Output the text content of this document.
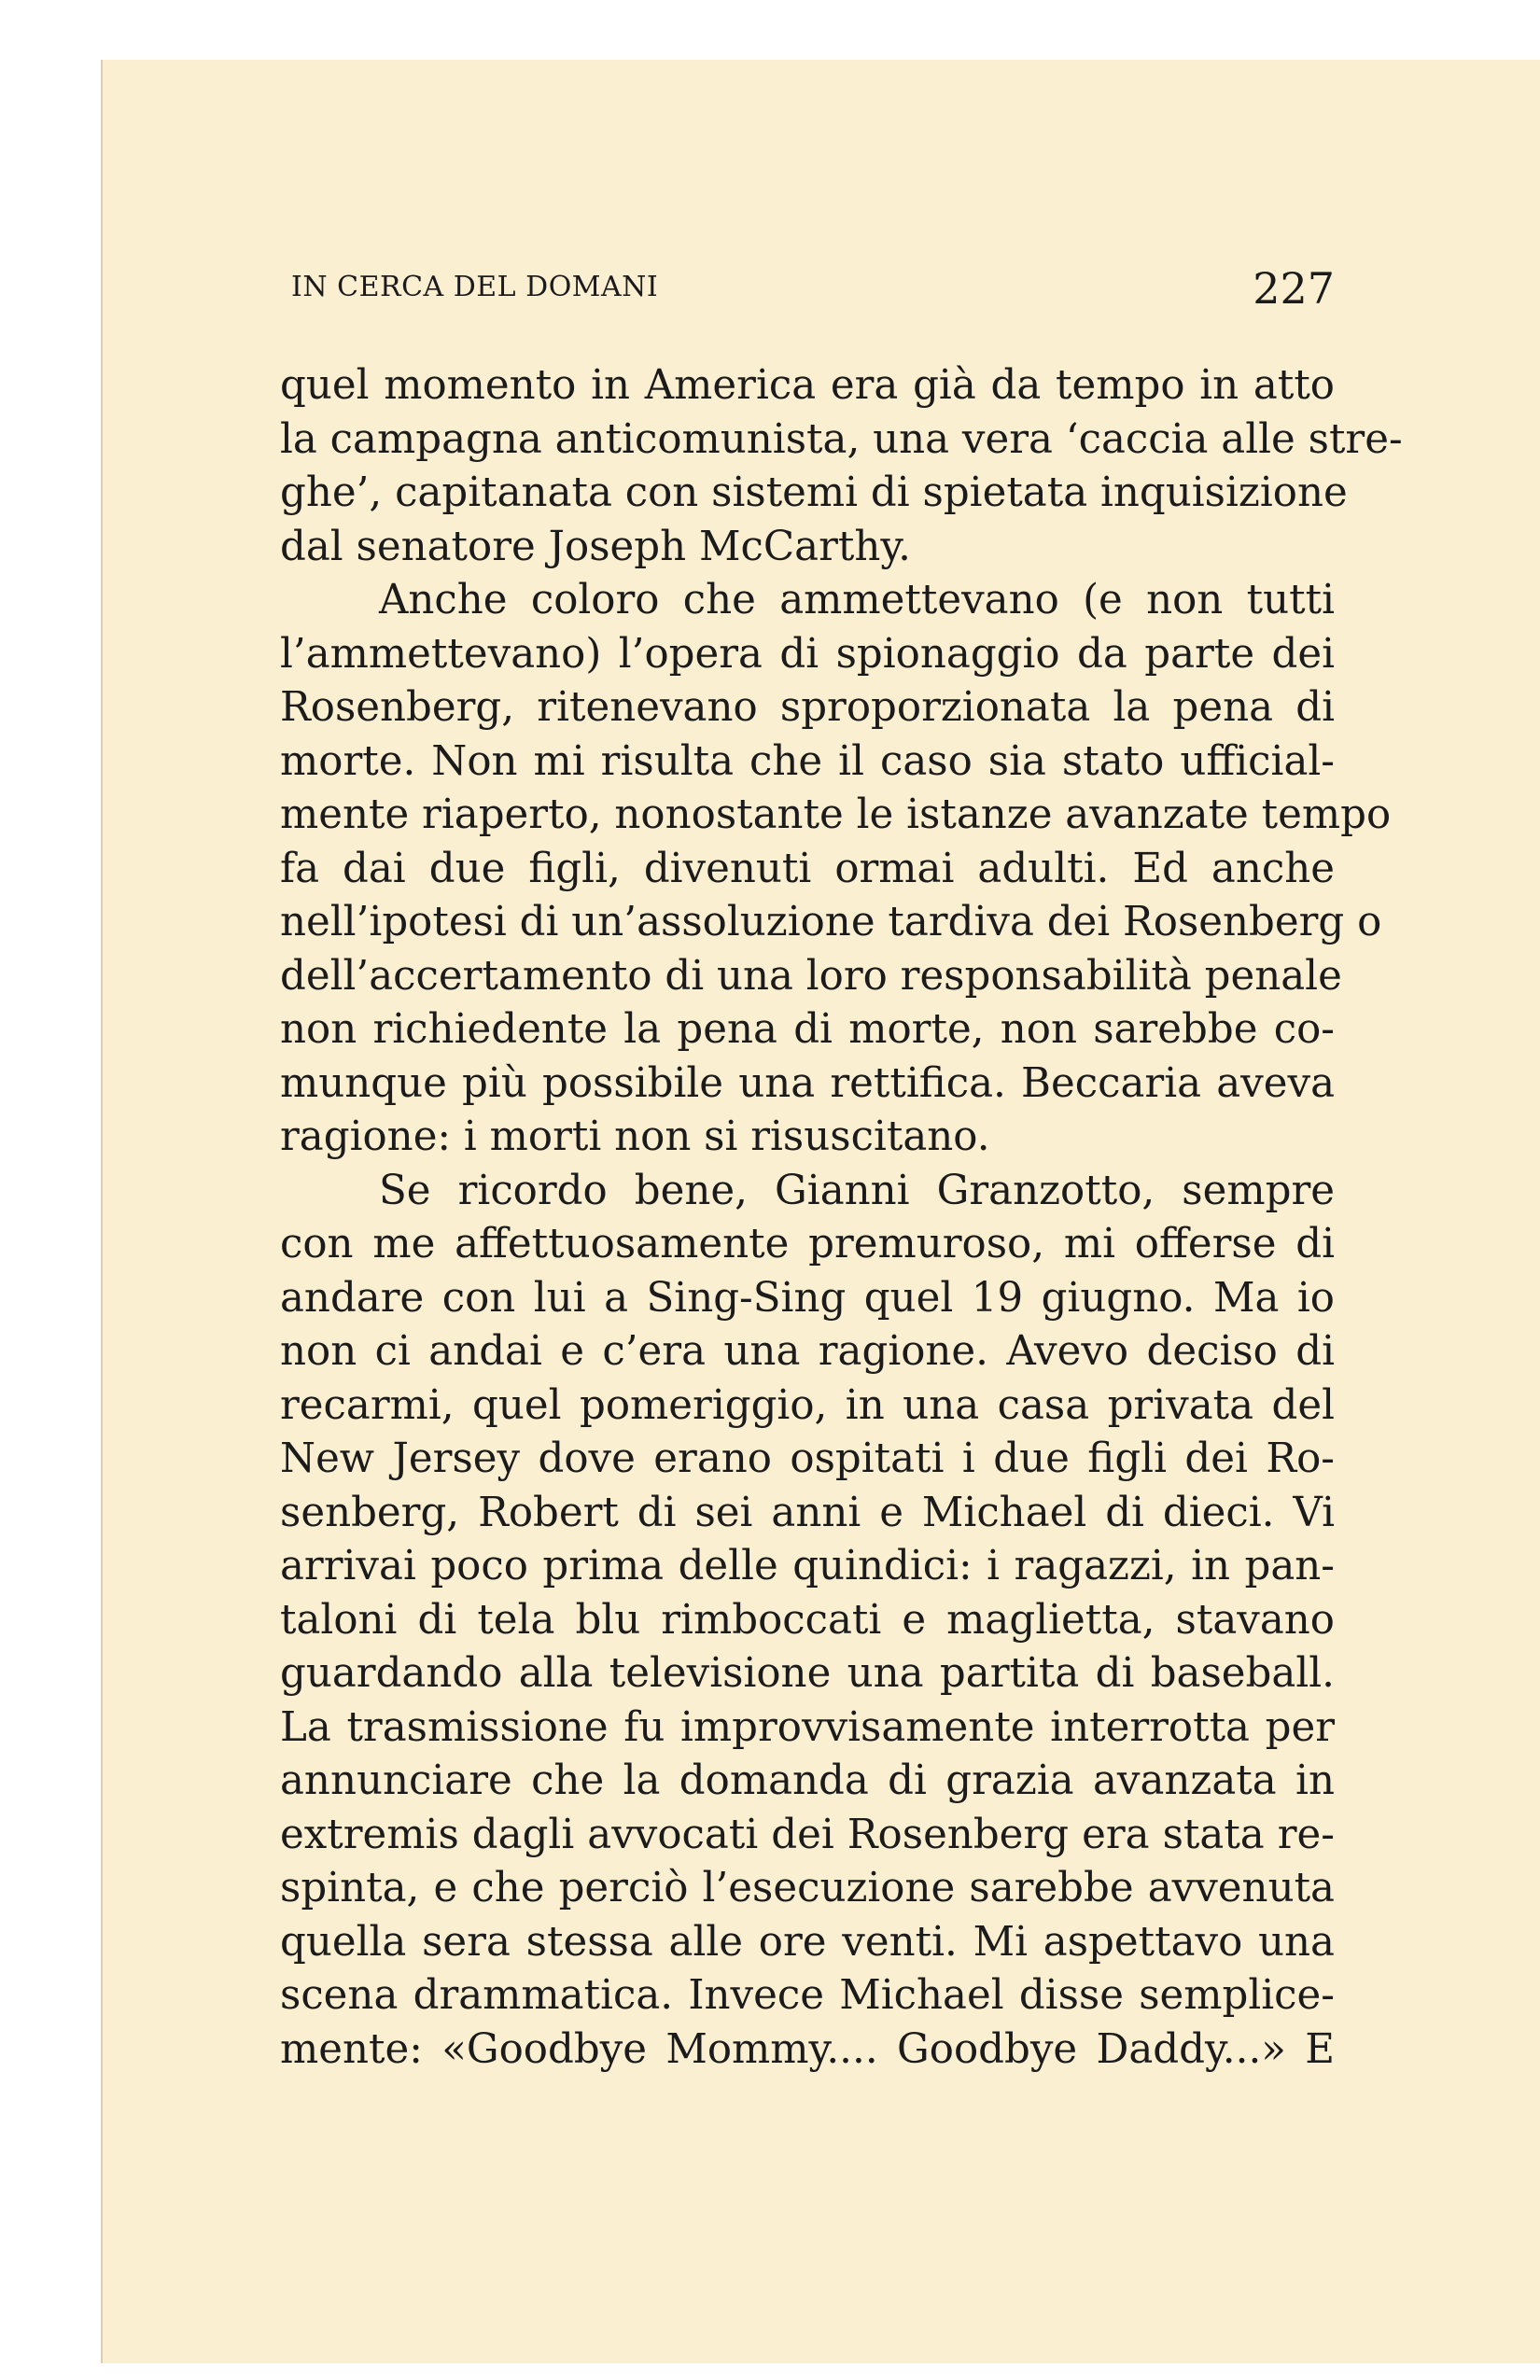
IN CERCA DEL DOMANI	227
quel momento in America era già da tempo in atto
la campagna anticomunista, una vera ‘caccia alle stre-
ghe’, capitanata con sistemi di spietata inquisizione
dal senatore Joseph McCarthy.
Anche coloro che ammettevano (e non tutti
l’ammettevano) l’opera di spionaggio da parte dei
Rosenberg, ritenevano sproporzionata la pena di
morte. Non mi risulta che il caso sia stato ufficial-
mente riaperto, nonostante le istanze avanzate tempo
fa dai due figli, divenuti ormai adulti. Ed anche
nell’ipotesi di un’assoluzione tardiva dei Rosenberg o
dell’accertamento di una loro responsabilità penale
non richiedente la pena di morte, non sarebbe co-
munque più possibile una rettifica. Beccaria aveva
ragione: i morti non si risuscitano.
Se ricordo bene, Gianni Granzotto, sempre
con me affettuosamente premuroso, mi offerse di
andare con lui a Sing-Sing quel 19 giugno. Ma io
non ci andai e c’era una ragione. Avevo deciso di
recarmi, quel pomeriggio, in una casa privata del
New Jersey dove erano ospitati i due figli dei Ro-
senberg, Robert di sei anni e Michael di dieci. Vi
arrivai poco prima delle quindici: i ragazzi, in pan-
taloni di tela blu rimboccati e maglietta, stavano
guardando alla televisione una partita di baseball.
La trasmissione fu improvvisamente interrotta per
annunciare che la domanda di grazia avanzata in
extremis dagli avvocati dei Rosenberg era stata re-
spinta, e che perciò l’esecuzione sarebbe avvenuta
quella sera stessa alle ore venti. Mi aspettavo una
scena drammatica. Invece Michael disse semplice-
mente: «Goodbye Mommy.... Goodbye Daddy...» E
